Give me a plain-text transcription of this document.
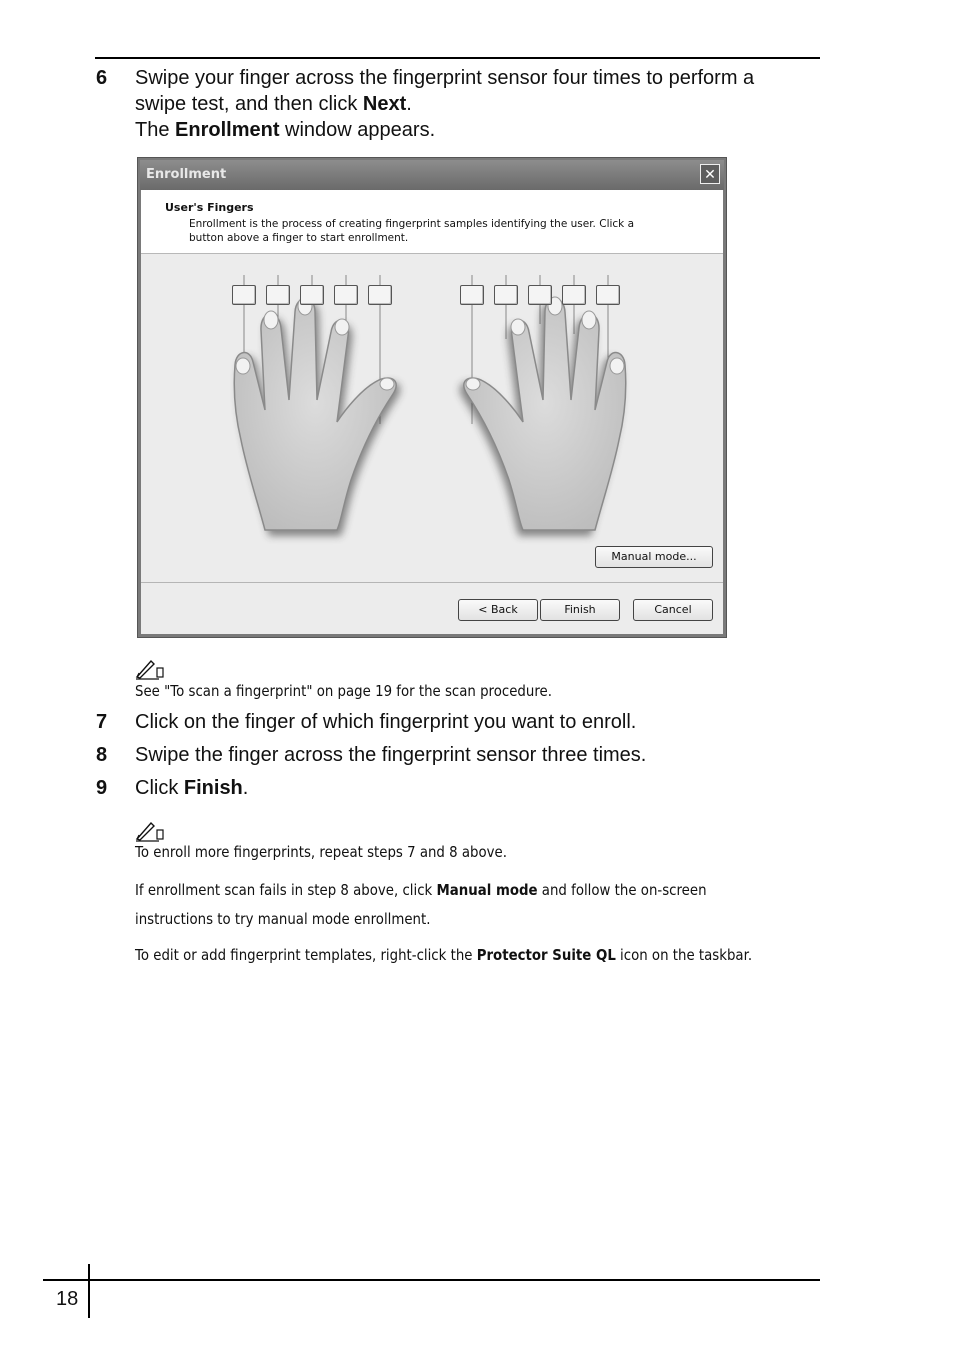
6 Swipe your finger across the fingerprint sensor four times to perform a
swipe test, and then click Next.
The Enrollment window appears.
Enrollment	✕
User's Fingers
Enrollment is the process of creating fingerprint samples identifying the user. Click a
button above a finger to start enrollment.
Manual mode...
< Back	Finish	Cancel
See "To scan a fingerprint" on page 19 for the scan procedure.
7 Click on the finger of which fingerprint you want to enroll.
8 Swipe the finger across the fingerprint sensor three times.
9 Click Finish.
To enroll more fingerprints, repeat steps 7 and 8 above.
If enrollment scan fails in step 8 above, click Manual mode and follow the on-screen
instructions to try manual mode enrollment.
To edit or add fingerprint templates, right-click the Protector Suite QL icon on the taskbar.
18
